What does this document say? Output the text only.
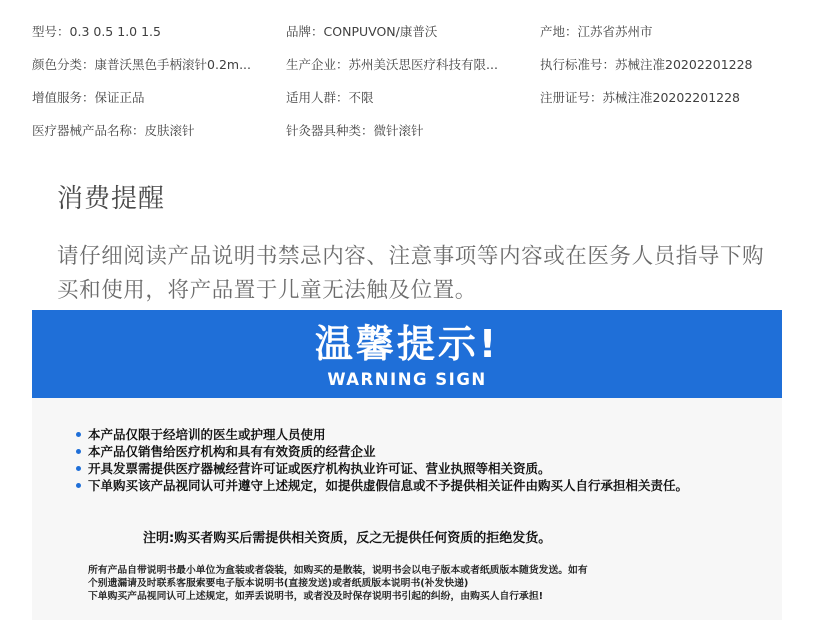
型号 ： 0.3 0.5 1.0 1.5	品牌 ： CONPUVON/康普沃	产地 ： 江苏省苏州市
颜色分类 ： 康普沃黑色手柄滚针0.2m...	生产企业 ： 苏州美沃思医疗科技有限...	执行标准号 ： 苏械注准20202201228
增值服务 ： 保证正品	适用人群 ： 不限	注册证号 ： 苏械注准20202201228
医疗器械产品名称 ： 皮肤滚针	针灸器具种类 ： 微针滚针
消费提醒
请仔细阅读产品说明书禁忌内容、注意事项等内容或在医务人员指导下购买和使用，将产品置于儿童无法触及位置。
温馨提示!
WARNING SIGN
本产品仅限于经培训的医生或护理人员使用
本产品仅销售给医疗机构和具有有效资质的经营企业
开具发票需提供医疗器械经营许可证或医疗机构执业许可证、营业执照等相关资质。
下单购买该产品视同认可并遵守上述规定，如提供虚假信息或不予提供相关证件由购买人自行承担相关责任。
注明:购买者购买后需提供相关资质，反之无提供任何资质的拒绝发货。
所有产品自带说明书最小单位为盒装或者袋装，如购买的是散装，说明书会以电子版本或者纸质版本随货发送。如有
个别遗漏请及时联系客服索要电子版本说明书(直接发送)或者纸质版本说明书(补发快递)
下单购买产品视同认可上述规定，如弄丢说明书，或者没及时保存说明书引起的纠纷，由购买人自行承担!
